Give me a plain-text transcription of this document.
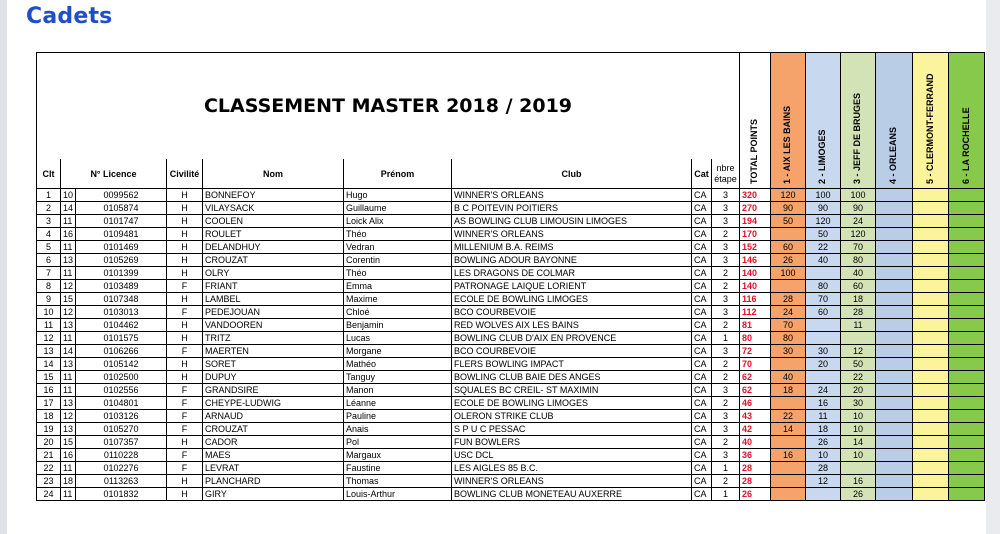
Cadets
CLASSEMENT MASTER 2018 / 2019									TOTAL POINTS	1 - AIX LES BAINS	2 - LIMOGES	3 - JEFF DE BRUGES	4 - ORLEANS	5 - CLERMONT-FERRAND	6 - LA ROCHELLE

Clt	N° Licence		Civilité	Nom	Prénom	Club	Cat	nbre étape							
1	10	0099562	H	BONNEFOY	Hugo	WINNER'S ORLEANS	CA	3	320	120	100	100			
2	14	0105874	H	VILAYSACK	Guillaume	B C POITEVIN POITIERS	CA	3	270	90	90	90			
3	11	0101747	H	COOLEN	Loick Alix	AS BOWLING CLUB LIMOUSIN LIMOGES	CA	3	194	50	120	24			
4	16	0109481	H	ROULET	Théo	WINNER'S ORLEANS	CA	2	170		50	120			
5	11	0101469	H	DELANDHUY	Vedran	MILLENIUM B.A. REIMS	CA	3	152	60	22	70			
6	13	0105269	H	CROUZAT	Corentin	BOWLING ADOUR BAYONNE	CA	3	146	26	40	80			
7	11	0101399	H	OLRY	Théo	LES DRAGONS DE COLMAR	CA	2	140	100		40			
8	12	0103489	F	FRIANT	Emma	PATRONAGE LAIQUE LORIENT	CA	2	140		80	60			
9	15	0107348	H	LAMBEL	Maxime	ECOLE DE BOWLING LIMOGES	CA	3	116	28	70	18			
10	12	0103013	F	PEDEJOUAN	Chloé	BCO COURBEVOIE	CA	3	112	24	60	28			
11	13	0104462	H	VANDOOREN	Benjamin	RED WOLVES AIX LES BAINS	CA	2	81	70		11			
12	11	0101575	H	TRITZ	Lucas	BOWLING CLUB D'AIX EN PROVENCE	CA	1	80	80					
13	14	0106266	F	MAERTEN	Morgane	BCO COURBEVOIE	CA	3	72	30	30	12			
14	13	0105142	H	SORET	Mathéo	FLERS BOWLING IMPACT	CA	2	70		20	50			
15	11	0102500	H	DUPUY	Tanguy	BOWLING CLUB BAIE DES ANGES	CA	2	62	40		22			
16	11	0102556	F	GRANDSIRE	Manon	SQUALES BC CREIL- ST MAXIMIN	CA	3	62	18	24	20			
17	13	0104801	F	CHEYPE-LUDWIG	Léanne	ECOLE DE BOWLING LIMOGES	CA	2	46		16	30			
18	12	0103126	F	ARNAUD	Pauline	OLERON STRIKE CLUB	CA	3	43	22	11	10			
19	13	0105270	F	CROUZAT	Anais	S P U C PESSAC	CA	3	42	14	18	10			
20	15	0107357	H	CADOR	Pol	FUN BOWLERS	CA	2	40		26	14			
21	16	0110228	F	MAES	Margaux	USC DCL	CA	3	36	16	10	10			
22	11	0102276	F	LEVRAT	Faustine	LES AIGLES 85 B.C.	CA	1	28		28				
23	18	0113263	H	PLANCHARD	Thomas	WINNER'S ORLEANS	CA	2	28		12	16			
24	11	0101832	H	GIRY	Louis-Arthur	BOWLING CLUB MONETEAU AUXERRE	CA	1	26			26			
